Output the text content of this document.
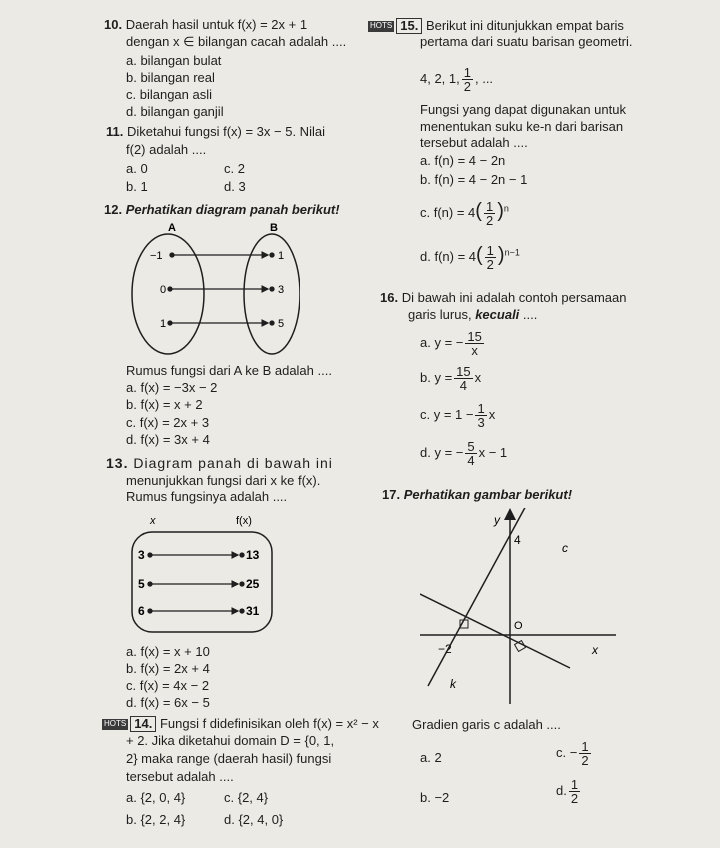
10. Daerah hasil untuk f(x) = 2x + 1
dengan x ∈ bilangan cacah adalah ....
a. bilangan bulat
b. bilangan real
c. bilangan asli
d. bilangan ganjil
11. Diketahui fungsi f(x) = 3x − 5. Nilai
f(2) adalah ....
a. 0	c. 2
b. 1	d. 3
12. Perhatikan diagram panah berikut!
A	B
−1
0
1
1
3
5
Rumus fungsi dari A ke B adalah ....
a. f(x) = −3x − 2
b. f(x) = x + 2
c. f(x) = 2x + 3
d. f(x) = 3x + 4
13. Diagram panah di bawah ini
menunjukkan fungsi dari x ke f(x).
Rumus fungsinya adalah ....
x	f(x)
3
5
6
13
25
31
a. f(x) = x + 10
b. f(x) = 2x + 4
c. f(x) = 4x − 2
d. f(x) = 6x − 5
HOTS 14. Fungsi f didefinisikan oleh f(x) = x² − x
+ 2. Jika diketahui domain D = {0, 1,
2} maka range (daerah hasil) fungsi
tersebut adalah ....
a. {2, 0, 4}	c. {2, 4}
b. {2, 2, 4}	d. {2, 4, 0}
HOTS 15. Berikut ini ditunjukkan empat baris
pertama dari suatu barisan geometri.
4, 2, 1, $\frac{1}{2}$ , ...
Fungsi yang dapat digunakan untuk
menentukan suku ke-n dari barisan
tersebut adalah ....
a. f(n) = 4 − 2n
b. f(n) = 4 − 2n − 1
c. $f(n) = 4( \frac{1}{2} )^n$
d. $f(n) = 4( \frac{1}{2} )^{n-1}$
16. Di bawah ini adalah contoh persamaan
garis lurus, kecuali ....
a. y = − $\frac{15}{x}$
b. $y = \frac{15}{4}$ x
c. $y = 1 - \frac{1}{3}$ x
d. y = − $\frac{5}{4}$ x − 1
17. Perhatikan gambar berikut!
y
x
4
−2
O
c
k
Gradien garis c adalah ....
a. 2	c. − $\frac{1}{2}$
b. −2	d. $\frac{1}{2}$
